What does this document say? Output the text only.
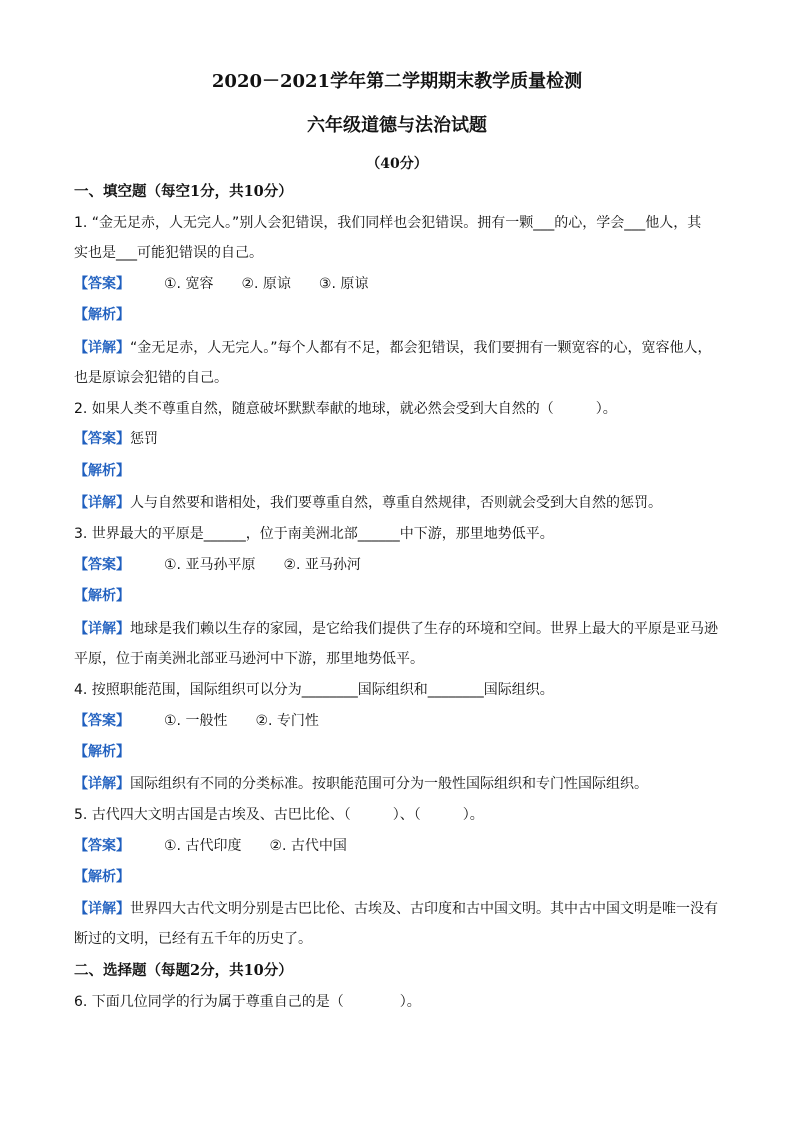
2020－2021学年第二学期期末教学质量检测
六年级道德与法治试题
（40分）
一、填空题（每空1分，共10分）
1. “金无足赤，人无完人。”别人会犯错误，我们同样也会犯错误。拥有一颗___的心，学会___他人，其
实也是___可能犯错误的自己。
【答案】 ①. 宽容 ②. 原谅 ③. 原谅
【解析】
【详解】“金无足赤，人无完人。”每个人都有不足，都会犯错误，我们要拥有一颗宽容的心，宽容他人，
也是原谅会犯错的自己。
2. 如果人类不尊重自然，随意破坏默默奉献的地球，就必然会受到大自然的（　　　）。
【答案】惩罚
【解析】
【详解】人与自然要和谐相处，我们要尊重自然，尊重自然规律，否则就会受到大自然的惩罚。
3. 世界最大的平原是______，位于南美洲北部______中下游，那里地势低平。
【答案】 ①. 亚马孙平原 ②. 亚马孙河
【解析】
【详解】地球是我们赖以生存的家园，是它给我们提供了生存的环境和空间。世界上最大的平原是亚马逊
平原，位于南美洲北部亚马逊河中下游，那里地势低平。
4. 按照职能范围，国际组织可以分为________国际组织和________国际组织。
【答案】 ①. 一般性 ②. 专门性
【解析】
【详解】国际组织有不同的分类标准。按职能范围可分为一般性国际组织和专门性国际组织。
5. 古代四大文明古国是古埃及、古巴比伦、（　　　）、（　　　）。
【答案】 ①. 古代印度 ②. 古代中国
【解析】
【详解】世界四大古代文明分别是古巴比伦、古埃及、古印度和古中国文明。其中古中国文明是唯一没有
断过的文明，已经有五千年的历史了。
二、选择题（每题2分，共10分）
6. 下面几位同学的行为属于尊重自己的是（　　　　）。
